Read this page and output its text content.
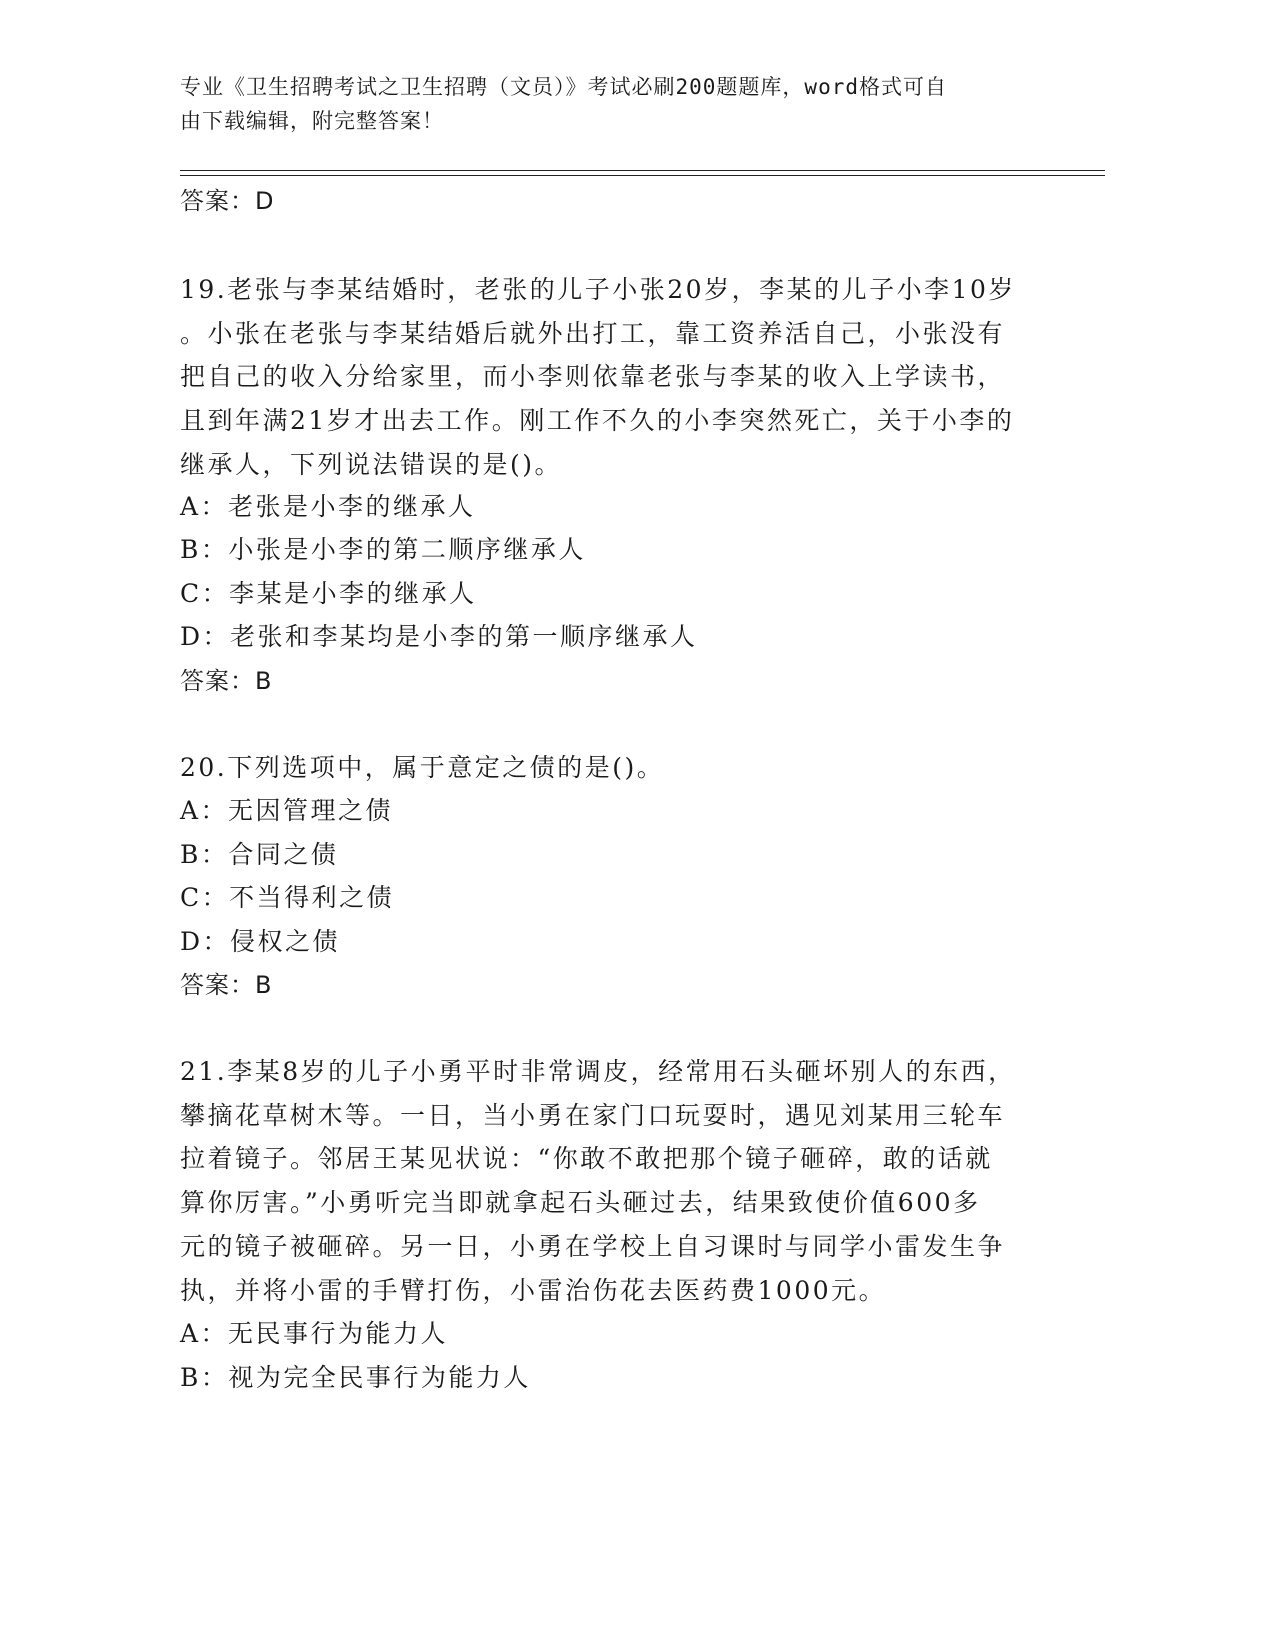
专业《卫生招聘考试之卫生招聘（文员）》考试必刷200题题库，word格式可自
由下载编辑，附完整答案！
答案：D
19.老张与李某结婚时，老张的儿子小张20岁，李某的儿子小李10岁
。小张在老张与李某结婚后就外出打工，靠工资养活自己，小张没有
把自己的收入分给家里，而小李则依靠老张与李某的收入上学读书，
且到年满21岁才出去工作。刚工作不久的小李突然死亡，关于小李的
继承人，下列说法错误的是()。
A：老张是小李的继承人
B：小张是小李的第二顺序继承人
C：李某是小李的继承人
D：老张和李某均是小李的第一顺序继承人
答案：B
20.下列选项中，属于意定之债的是()。
A：无因管理之债
B：合同之债
C：不当得利之债
D：侵权之债
答案：B
21.李某8岁的儿子小勇平时非常调皮，经常用石头砸坏别人的东西，
攀摘花草树木等。一日，当小勇在家门口玩耍时，遇见刘某用三轮车
拉着镜子。邻居王某见状说：“你敢不敢把那个镜子砸碎，敢的话就
算你厉害。”小勇听完当即就拿起石头砸过去，结果致使价值600多
元的镜子被砸碎。另一日，小勇在学校上自习课时与同学小雷发生争
执，并将小雷的手臂打伤，小雷治伤花去医药费1000元。
A：无民事行为能力人
B：视为完全民事行为能力人
